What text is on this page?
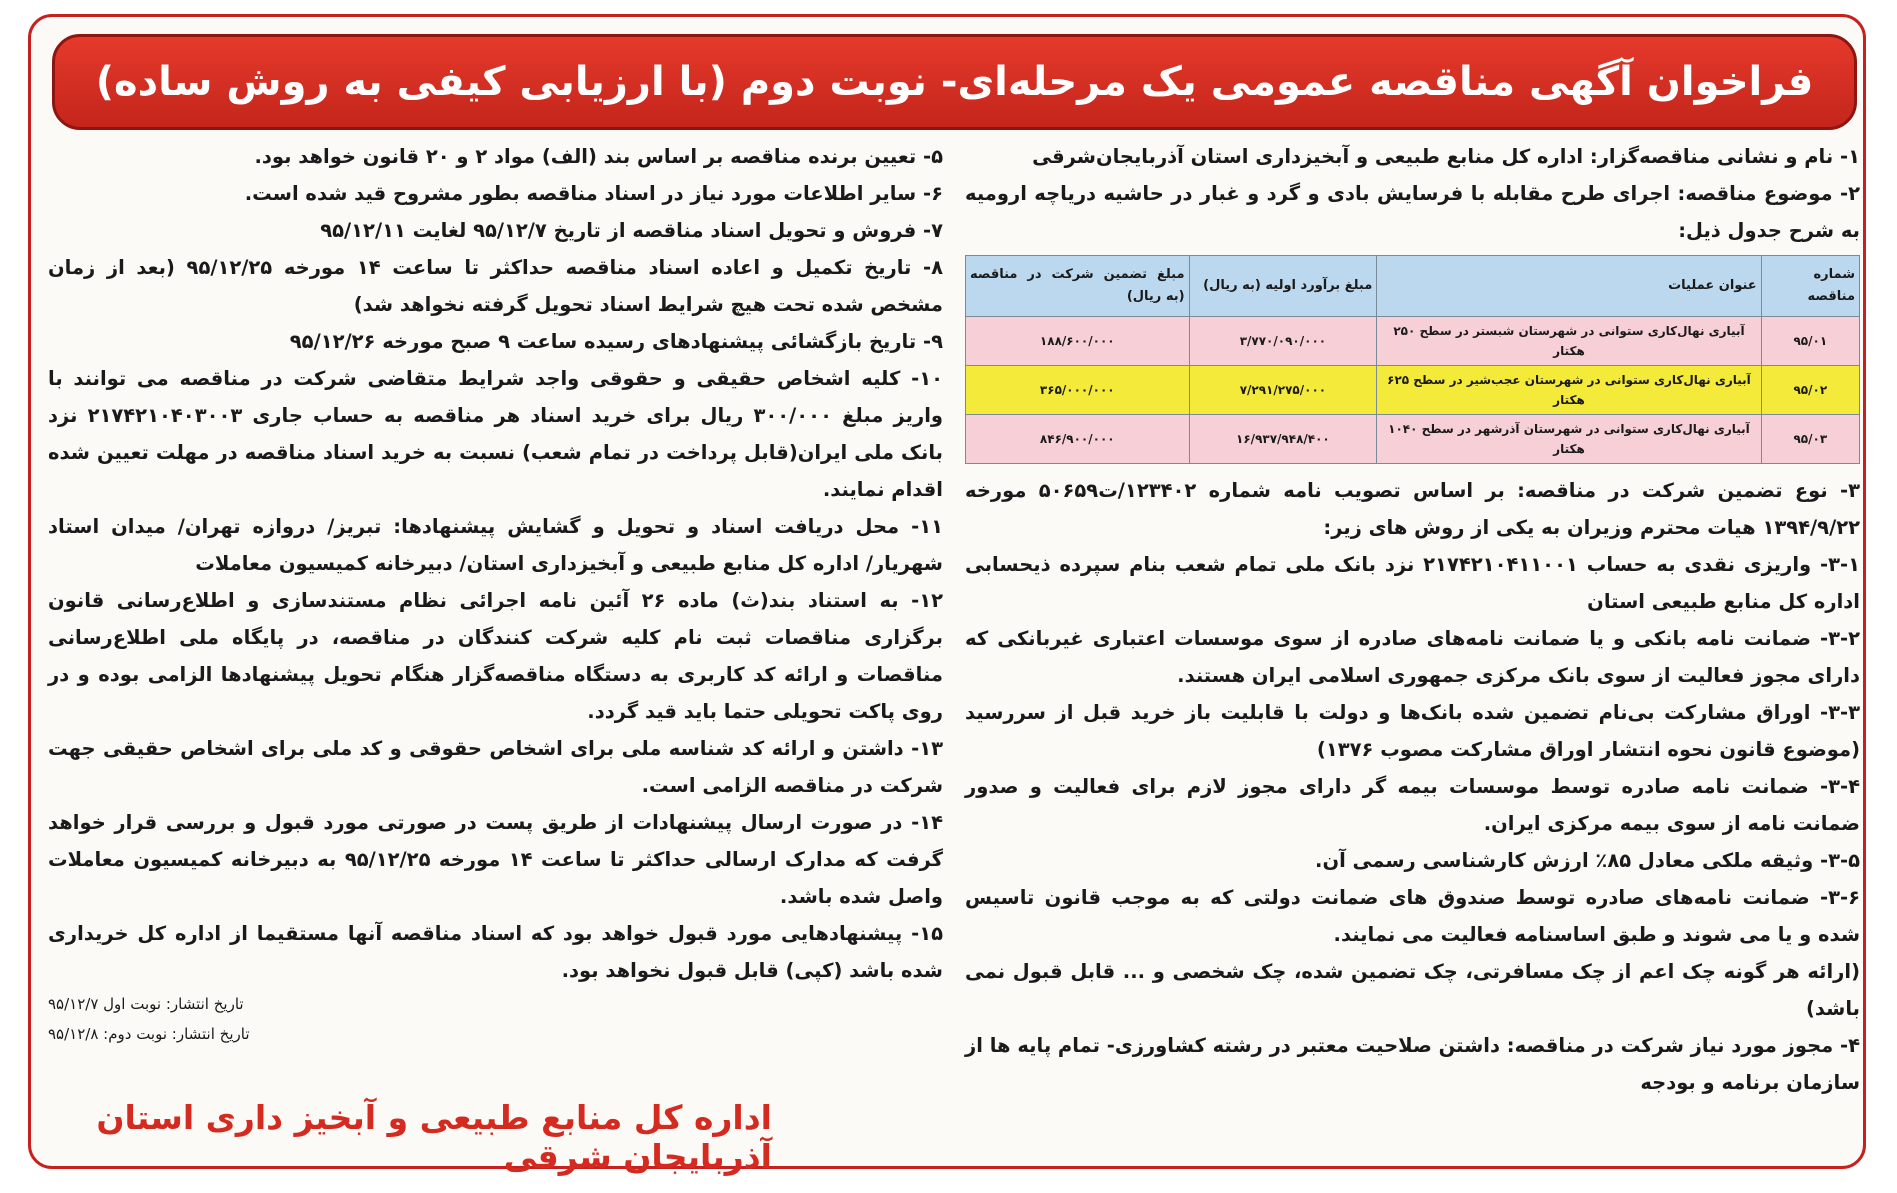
فراخوان آگهی مناقصه عمومی یک مرحله‌ای- نوبت دوم (با ارزیابی کیفی به روش ساده)

۱- نام و نشانی مناقصه‌گزار: اداره کل منابع طبیعی و آبخیزداری استان آذربایجان‌شرقی

۲- موضوع مناقصه: اجرای طرح مقابله با فرسایش بادی و گرد و غبار در حاشیه دریاچه ارومیه به شرح جدول ذیل:

شماره مناقصه	عنوان عملیات	مبلغ برآورد اولیه (به ریال)	مبلغ تضمین شرکت در مناقصه (به ریال)
۹۵/۰۱	آبیاری نهال‌کاری ستوانی در شهرستان شبستر در سطح ۲۵۰ هکتار	۳/۷۷۰/۰۹۰/۰۰۰	۱۸۸/۶۰۰/۰۰۰
۹۵/۰۲	آبیاری نهال‌کاری ستوانی در شهرستان عجب‌شیر در سطح ۶۲۵ هکتار	۷/۲۹۱/۲۷۵/۰۰۰	۳۶۵/۰۰۰/۰۰۰
۹۵/۰۳	آبیاری نهال‌کاری ستوانی در شهرستان آذرشهر در سطح ۱۰۴۰ هکتار	۱۶/۹۳۷/۹۴۸/۴۰۰	۸۴۶/۹۰۰/۰۰۰

۳- نوع تضمین شرکت در مناقصه: بر اساس تصویب نامه شماره ۱۲۳۴۰۲/ت۵۰۶۵۹ مورخه ۱۳۹۴/۹/۲۲ هیات محترم وزیران به یکی از روش های زیر:

۳-۱- واریزی نقدی به حساب ۲۱۷۴۲۱۰۴۱۱۰۰۱ نزد بانک ملی تمام شعب بنام سپرده ذیحسابی اداره کل منابع طبیعی استان

۳-۲- ضمانت نامه بانکی و یا ضمانت نامه‌های صادره از سوی موسسات اعتباری غیربانکی که دارای مجوز فعالیت از سوی بانک مرکزی جمهوری اسلامی ایران هستند.

۳-۳- اوراق مشارکت بی‌نام تضمین شده بانک‌ها و دولت با قابلیت باز خرید قبل از سررسید (موضوع قانون نحوه انتشار اوراق مشارکت مصوب ۱۳۷۶)

۳-۴- ضمانت نامه صادره توسط موسسات بیمه گر دارای مجوز لازم برای فعالیت و صدور ضمانت نامه از سوی بیمه مرکزی ایران.

۳-۵- وثیقه ملکی معادل ۸۵٪ ارزش کارشناسی رسمی آن.

۳-۶- ضمانت نامه‌های صادره توسط صندوق های ضمانت دولتی که به موجب قانون تاسیس شده و یا می شوند و طبق اساسنامه فعالیت می نمایند.

(ارائه هر گونه چک اعم از چک مسافرتی، چک تضمین شده، چک شخصی و ... قابل قبول نمی باشد)

۴- مجوز مورد نیاز شرکت در مناقصه: داشتن صلاحیت معتبر در رشته کشاورزی- تمام پایه ها از سازمان برنامه و بودجه

۵- تعیین برنده مناقصه بر اساس بند (الف) مواد ۲ و ۲۰ قانون خواهد بود.

۶- سایر اطلاعات مورد نیاز در اسناد مناقصه بطور مشروح قید شده است.

۷- فروش و تحویل اسناد مناقصه از تاریخ ۹۵/۱۲/۷ لغایت ۹۵/۱۲/۱۱

۸- تاریخ تکمیل و اعاده اسناد مناقصه حداکثر تا ساعت ۱۴ مورخه ۹۵/۱۲/۲۵ (بعد از زمان مشخص شده تحت هیچ شرایط اسناد تحویل گرفته نخواهد شد)

۹- تاریخ بازگشائی پیشنهادهای رسیده ساعت ۹ صبح مورخه ۹۵/۱۲/۲۶

۱۰- کلیه اشخاص حقیقی و حقوقی واجد شرایط متقاضی شرکت در مناقصه می توانند با واریز مبلغ ۳۰۰/۰۰۰ ریال برای خرید اسناد هر مناقصه به حساب جاری ۲۱۷۴۲۱۰۴۰۳۰۰۳ نزد بانک ملی ایران(قابل پرداخت در تمام شعب) نسبت به خرید اسناد مناقصه در مهلت تعیین شده اقدام نمایند.

۱۱- محل دریافت اسناد و تحویل و گشایش پیشنهادها: تبریز/ دروازه تهران/ میدان استاد شهریار/ اداره کل منابع طبیعی و آبخیزداری استان/ دبیرخانه کمیسیون معاملات

۱۲- به استناد بند(ث) ماده ۲۶ آئین نامه اجرائی نظام مستندسازی و اطلاع‌رسانی قانون برگزاری مناقصات ثبت نام کلیه شرکت کنندگان در مناقصه، در پایگاه ملی اطلاع‌رسانی مناقصات و ارائه کد کاربری به دستگاه مناقصه‌گزار هنگام تحویل پیشنهادها الزامی بوده و در روی پاکت تحویلی حتما باید قید گردد.

۱۳- داشتن و ارائه کد شناسه ملی برای اشخاص حقوقی و کد ملی برای اشخاص حقیقی جهت شرکت در مناقصه الزامی است.

۱۴- در صورت ارسال پیشنهادات از طریق پست در صورتی مورد قبول و بررسی قرار خواهد گرفت که مدارک ارسالی حداکثر تا ساعت ۱۴ مورخه ۹۵/۱۲/۲۵ به دبیرخانه کمیسیون معاملات واصل شده باشد.

۱۵- پیشنهادهایی مورد قبول خواهد بود که اسناد مناقصه آنها مستقیما از اداره کل خریداری شده باشد (کپی) قابل قبول نخواهد بود.

تاریخ انتشار: نوبت اول ۹۵/۱۲/۷

تاریخ انتشار: نوبت دوم: ۹۵/۱۲/۸

اداره کل منابع طبیعی و آبخیز داری استان آذربایجان شرقی
